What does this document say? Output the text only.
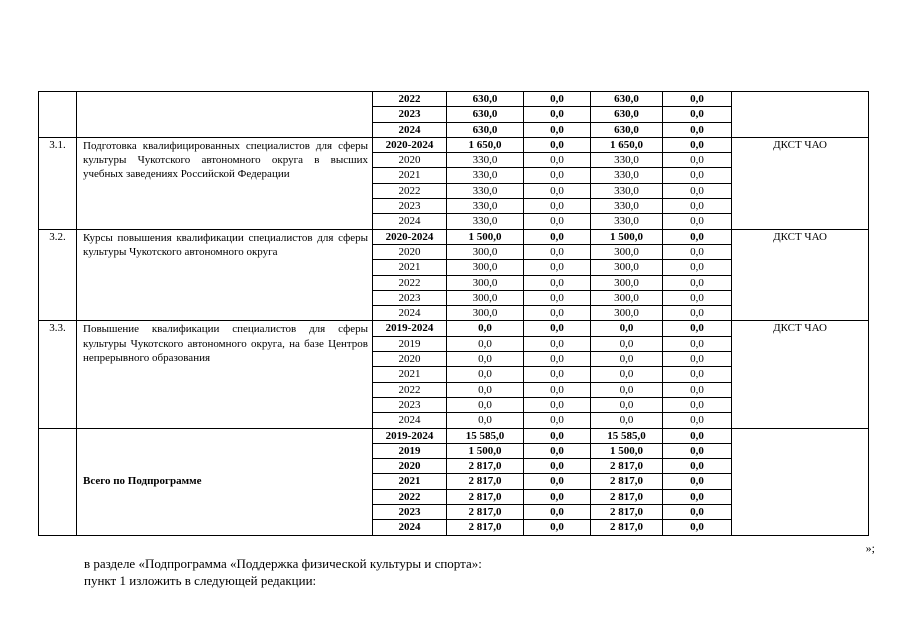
		2022	630,0	0,0	630,0	0,0	
		2023	630,0	0,0	630,0	0,0	
		2024	630,0	0,0	630,0	0,0	
3.1.	Подготовка квалифицированных специалистов для сферы культуры Чукотского автономного округа в высших учебных заведениях Российской Федерации	2020-2024	1 650,0	0,0	1 650,0	0,0	ДКСТ ЧАО
		2020	330,0	0,0	330,0	0,0	
		2021	330,0	0,0	330,0	0,0	
		2022	330,0	0,0	330,0	0,0	
		2023	330,0	0,0	330,0	0,0	
		2024	330,0	0,0	330,0	0,0	
3.2.	Курсы повышения квалификации специалистов для сферы культуры Чукотского автономного округа	2020-2024	1 500,0	0,0	1 500,0	0,0	ДКСТ ЧАО
		2020	300,0	0,0	300,0	0,0	
		2021	300,0	0,0	300,0	0,0	
		2022	300,0	0,0	300,0	0,0	
		2023	300,0	0,0	300,0	0,0	
		2024	300,0	0,0	300,0	0,0	
3.3.	Повышение квалификации специалистов для сферы культуры Чукотского автономного округа, на базе Центров непрерывного образования	2019-2024	0,0	0,0	0,0	0,0	ДКСТ ЧАО
		2019	0,0	0,0	0,0	0,0	
		2020	0,0	0,0	0,0	0,0	
		2021	0,0	0,0	0,0	0,0	
		2022	0,0	0,0	0,0	0,0	
		2023	0,0	0,0	0,0	0,0	
		2024	0,0	0,0	0,0	0,0	
	Всего по Подпрограмме	2019-2024	15 585,0	0,0	15 585,0	0,0	
		2019	1 500,0	0,0	1 500,0	0,0	
		2020	2 817,0	0,0	2 817,0	0,0	
		2021	2 817,0	0,0	2 817,0	0,0	
		2022	2 817,0	0,0	2 817,0	0,0	
		2023	2 817,0	0,0	2 817,0	0,0	
		2024	2 817,0	0,0	2 817,0	0,0	
»;
в разделе «Подпрограмма «Поддержка физической культуры и спорта»:
пункт 1 изложить в следующей редакции:
